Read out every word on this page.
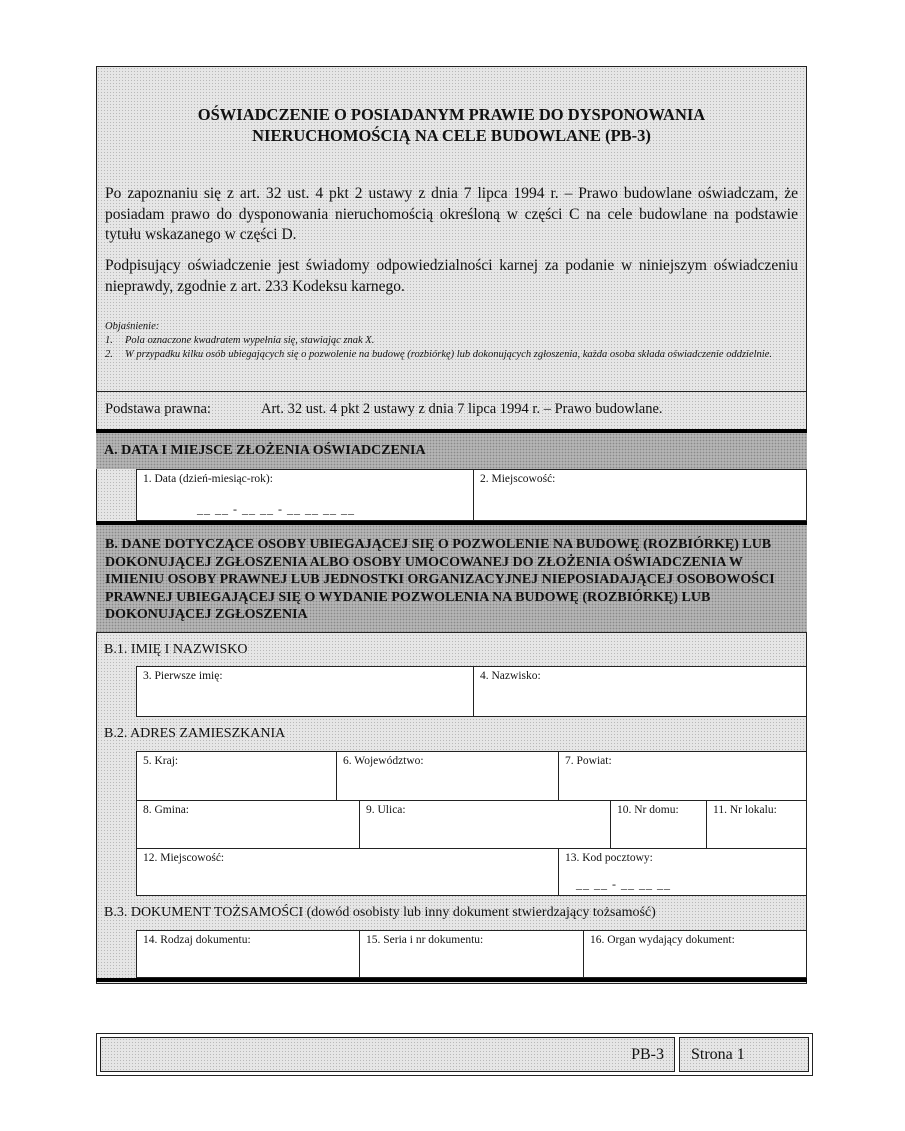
OŚWIADCZENIE O POSIADANYM PRAWIE DO DYSPONOWANIA
NIERUCHOMOŚCIĄ NA CELE BUDOWLANE (PB-3)
Po zapoznaniu się z art. 32 ust. 4 pkt 2 ustawy z dnia 7 lipca 1994 r. – Prawo budowlane oświadczam, że posiadam prawo do dysponowania nieruchomością określoną w części C na cele budowlane na podstawie tytułu wskazanego w części D.
Podpisujący oświadczenie jest świadomy odpowiedzialności karnej za podanie w niniejszym oświadczeniu nieprawdy, zgodnie z art. 233 Kodeksu karnego.
Objaśnienie:
1.	Pola oznaczone kwadratem wypełnia się, stawiając znak X.
2.	W przypadku kilku osób ubiegających się o pozwolenie na budowę (rozbiórkę) lub dokonujących zgłoszenia, każda osoba składa oświadczenie oddzielnie.
Podstawa prawna:	Art. 32 ust. 4 pkt 2 ustawy z dnia 7 lipca 1994 r. – Prawo budowlane.
A. DATA I MIEJSCE ZŁOŻENIA OŚWIADCZENIA
1. Data (dzień-miesiąc-rok):
__ __ - __ __ - __ __ __ __
2. Miejscowość:
B. DANE DOTYCZĄCE OSOBY UBIEGAJĄCEJ SIĘ O POZWOLENIE NA BUDOWĘ (ROZBIÓRKĘ) LUB DOKONUJĄCEJ ZGŁOSZENIA ALBO OSOBY UMOCOWANEJ DO ZŁOŻENIA OŚWIADCZENIA W IMIENIU OSOBY PRAWNEJ LUB JEDNOSTKI ORGANIZACYJNEJ NIEPOSIADAJĄCEJ OSOBOWOŚCI PRAWNEJ UBIEGAJĄCEJ SIĘ O WYDANIE POZWOLENIA NA BUDOWĘ (ROZBIÓRKĘ) LUB DOKONUJĄCEJ ZGŁOSZENIA
B.1. IMIĘ I NAZWISKO
3. Pierwsze imię:	4. Nazwisko:
B.2. ADRES ZAMIESZKANIA
5. Kraj:	6. Województwo:	7. Powiat:
8. Gmina:	9. Ulica:	10. Nr domu:	11. Nr lokalu:
12. Miejscowość:	13. Kod pocztowy:
__ __ - __ __ __
B.3. DOKUMENT TOŻSAMOŚCI (dowód osobisty lub inny dokument stwierdzający tożsamość)
14. Rodzaj dokumentu:	15. Seria i nr dokumentu:	16. Organ wydający dokument:
PB-3	Strona 1
